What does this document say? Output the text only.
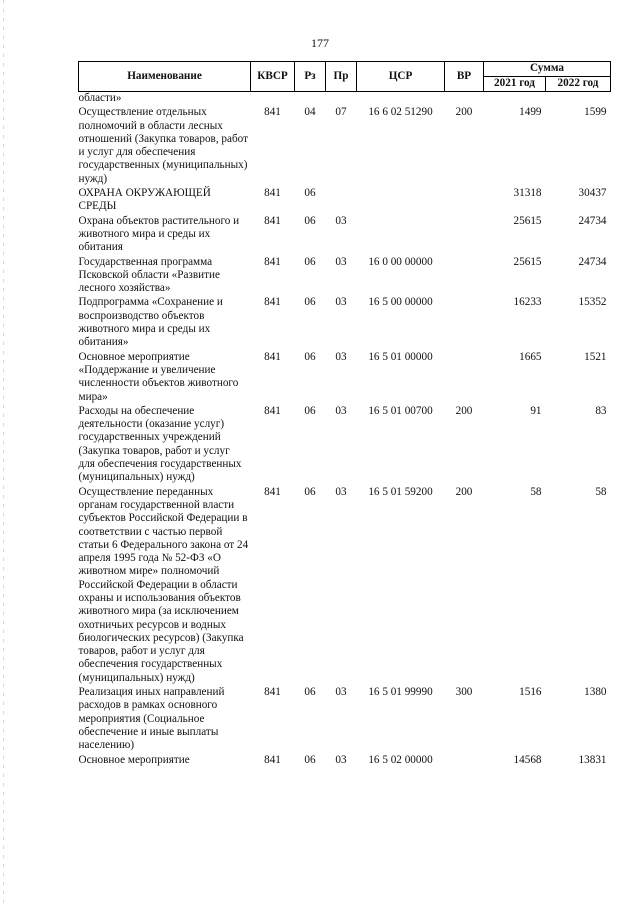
177
Наименование	КВСР	Рз	Пр	ЦСР	ВР	Сумма	
						2021 год	2022 год
области»							
Осуществление отдельных полномочий в области лесных отношений (Закупка товаров, работ и услуг для обеспечения государственных (муниципальных) нужд)	841	04	07	16 6 02 51290	200	1499	1599
ОХРАНА ОКРУЖАЮЩЕЙ СРЕДЫ	841	06				31318	30437
Охрана объектов растительного и животного мира и среды их обитания	841	06	03			25615	24734
Государственная программа Псковской области «Развитие лесного хозяйства»	841	06	03	16 0 00 00000		25615	24734
Подпрограмма «Сохранение и воспроизводство объектов животного мира и среды их обитания»	841	06	03	16 5 00 00000		16233	15352
Основное мероприятие «Поддержание и увеличение численности объектов животного мира»	841	06	03	16 5 01 00000		1665	1521
Расходы на обеспечение деятельности (оказание услуг) государственных учреждений (Закупка товаров, работ и услуг для обеспечения государственных (муниципальных) нужд)	841	06	03	16 5 01 00700	200	91	83
Осуществление переданных органам государственной власти субъектов Российской Федерации в соответствии с частью первой статьи 6 Федерального закона от 24 апреля 1995 года № 52-ФЗ «О животном мире» полномочий Российской Федерации в области охраны и использования объектов животного мира (за исключением охотничьих ресурсов и водных биологических ресурсов) (Закупка товаров, работ и услуг для обеспечения государственных (муниципальных) нужд)	841	06	03	16 5 01 59200	200	58	58
Реализация иных направлений расходов в рамках основного мероприятия (Социальное обеспечение и иные выплаты населению)	841	06	03	16 5 01 99990	300	1516	1380
Основное мероприятие	841	06	03	16 5 02 00000		14568	13831
